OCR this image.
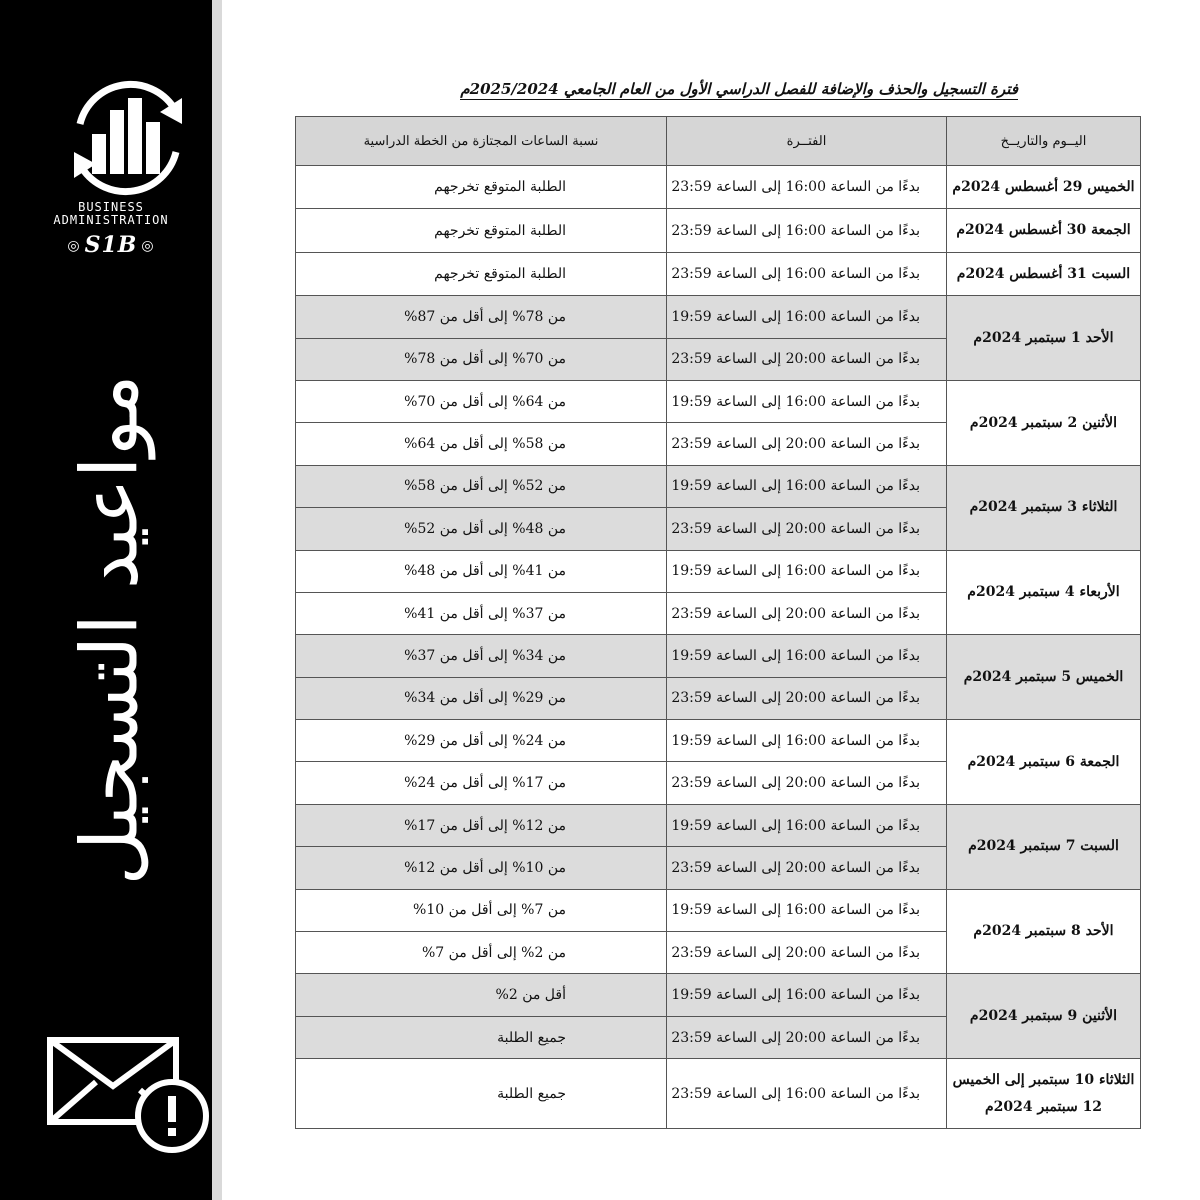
BUSINESS
ADMINISTRATION
◎ S1B ◎
مواعيد التسجيل
فترة التسجيل والحذف والإضافة للفصل الدراسي الأول من العام الجامعي 2025/2024م
اليــوم والتاريــخ	الفتــرة	نسبة الساعات المجتازة من الخطة الدراسية
الخميس 29 أغسطس 2024م	بدءًا من الساعة 16:00 إلى الساعة 23:59	الطلبة المتوقع تخرجهم
الجمعة 30 أغسطس 2024م	بدءًا من الساعة 16:00 إلى الساعة 23:59	الطلبة المتوقع تخرجهم
السبت 31 أغسطس 2024م	بدءًا من الساعة 16:00 إلى الساعة 23:59	الطلبة المتوقع تخرجهم
الأحد 1 سبتمبر 2024م	بدءًا من الساعة 16:00 إلى الساعة 19:59	من 78% إلى أقل من 87%
	بدءًا من الساعة 20:00 إلى الساعة 23:59	من 70% إلى أقل من 78%
الأثنين 2 سبتمبر 2024م	بدءًا من الساعة 16:00 إلى الساعة 19:59	من 64% إلى أقل من 70%
	بدءًا من الساعة 20:00 إلى الساعة 23:59	من 58% إلى أقل من 64%
الثلاثاء 3 سبتمبر 2024م	بدءًا من الساعة 16:00 إلى الساعة 19:59	من 52% إلى أقل من 58%
	بدءًا من الساعة 20:00 إلى الساعة 23:59	من 48% إلى أقل من 52%
الأربعاء 4 سبتمبر 2024م	بدءًا من الساعة 16:00 إلى الساعة 19:59	من 41% إلى أقل من 48%
	بدءًا من الساعة 20:00 إلى الساعة 23:59	من 37% إلى أقل من 41%
الخميس 5 سبتمبر 2024م	بدءًا من الساعة 16:00 إلى الساعة 19:59	من 34% إلى أقل من 37%
	بدءًا من الساعة 20:00 إلى الساعة 23:59	من 29% إلى أقل من 34%
الجمعة 6 سبتمبر 2024م	بدءًا من الساعة 16:00 إلى الساعة 19:59	من 24% إلى أقل من 29%
	بدءًا من الساعة 20:00 إلى الساعة 23:59	من 17% إلى أقل من 24%
السبت 7 سبتمبر 2024م	بدءًا من الساعة 16:00 إلى الساعة 19:59	من 12% إلى أقل من 17%
	بدءًا من الساعة 20:00 إلى الساعة 23:59	من 10% إلى أقل من 12%
الأحد 8 سبتمبر 2024م	بدءًا من الساعة 16:00 إلى الساعة 19:59	من 7% إلى أقل من 10%
	بدءًا من الساعة 20:00 إلى الساعة 23:59	من 2% إلى أقل من 7%
الأثنين 9 سبتمبر 2024م	بدءًا من الساعة 16:00 إلى الساعة 19:59	أقل من 2%
	بدءًا من الساعة 20:00 إلى الساعة 23:59	جميع الطلبة
الثلاثاء 10 سبتمبر إلى الخميس 12 سبتمبر 2024م	بدءًا من الساعة 16:00 إلى الساعة 23:59	جميع الطلبة
